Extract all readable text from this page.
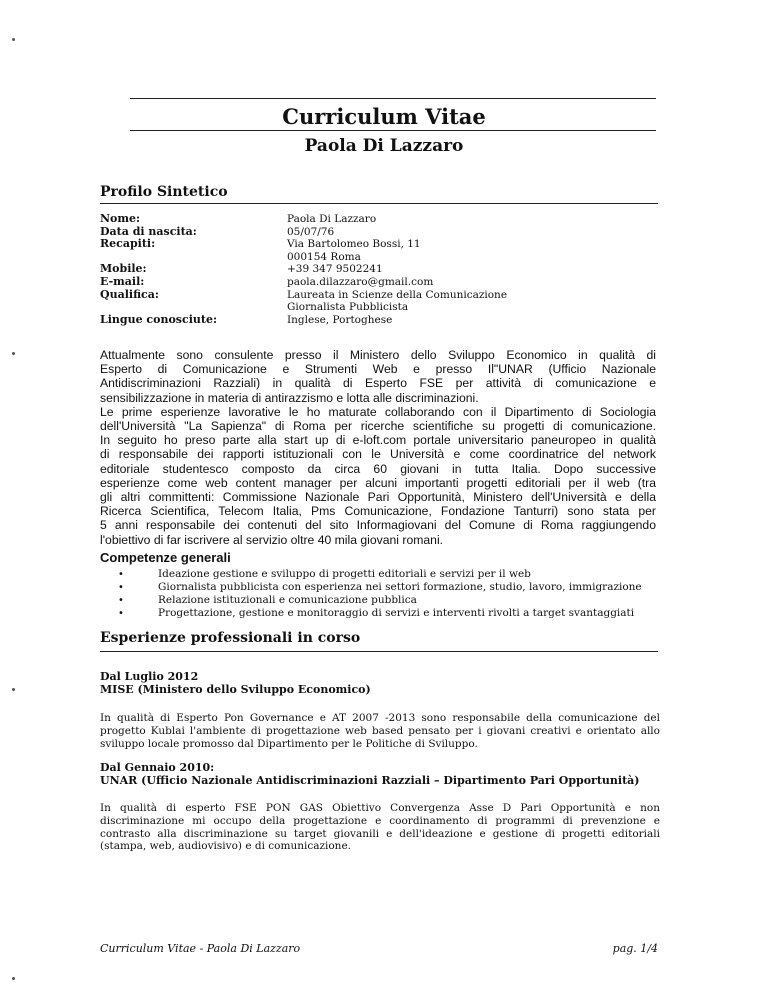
Curriculum Vitae
Paola Di Lazzaro
Profilo Sintetico
Nome:	Paola Di Lazzaro
Data di nascita:	05/07/76
Recapiti:	Via Bartolomeo Bossi, 11
000154 Roma
Mobile:	+39 347 9502241
E-mail:	paola.dilazzaro@gmail.com
Qualifica:	Laureata in Scienze della Comunicazione
Giornalista Pubblicista
Lingue conosciute:	Inglese, Portoghese
Attualmente sono consulente presso il Ministero dello Sviluppo Economico in qualità di
Esperto di Comunicazione e Strumenti Web e presso Il"UNAR (Ufficio Nazionale
Antidiscriminazioni Razziali) in qualità di Esperto FSE per attività di comunicazione e
sensibilizzazione in materia di antirazzismo e lotta alle discriminazioni.
Le prime esperienze lavorative le ho maturate collaborando con il Dipartimento di Sociologia
dell'Università "La Sapienza" di Roma per ricerche scientifiche su progetti di comunicazione.
In seguito ho preso parte alla start up di e-loft.com portale universitario paneuropeo in qualità
di responsabile dei rapporti istituzionali con le Università e come coordinatrice del network
editoriale studentesco composto da circa 60 giovani in tutta Italia. Dopo successive
esperienze come web content manager per alcuni importanti progetti editoriali per il web (tra
gli altri committenti: Commissione Nazionale Pari Opportunità, Ministero dell'Università e della
Ricerca Scientifica, Telecom Italia, Pms Comunicazione, Fondazione Tanturri) sono stata per
5 anni responsabile dei contenuti del sito Informagiovani del Comune di Roma raggiungendo
l'obiettivo di far iscrivere al servizio oltre 40 mila giovani romani.
Competenze generali
• Ideazione gestione e sviluppo di progetti editoriali e servizi per il web
• Giornalista pubblicista con esperienza nei settori formazione, studio, lavoro, immigrazione
• Relazione istituzionali e comunicazione pubblica
• Progettazione, gestione e monitoraggio di servizi e interventi rivolti a target svantaggiati
Esperienze professionali in corso
Dal Luglio 2012
MISE (Ministero dello Sviluppo Economico)
In qualità di Esperto Pon Governance e AT 2007 -2013 sono responsabile della comunicazione del
progetto Kublai l'ambiente di progettazione web based pensato per i giovani creativi e orientato allo
sviluppo locale promosso dal Dipartimento per le Politiche di Sviluppo.
Dal Gennaio 2010:
UNAR (Ufficio Nazionale Antidiscriminazioni Razziali – Dipartimento Pari Opportunità)
In qualità di esperto FSE PON GAS Obiettivo Convergenza Asse D Pari Opportunità e non
discriminazione mi occupo della progettazione e coordinamento di programmi di prevenzione e
contrasto alla discriminazione su target giovanili e dell'ideazione e gestione di progetti editoriali
(stampa, web, audiovisivo) e di comunicazione.
Curriculum Vitae - Paola Di Lazzaro	pag. 1/4
